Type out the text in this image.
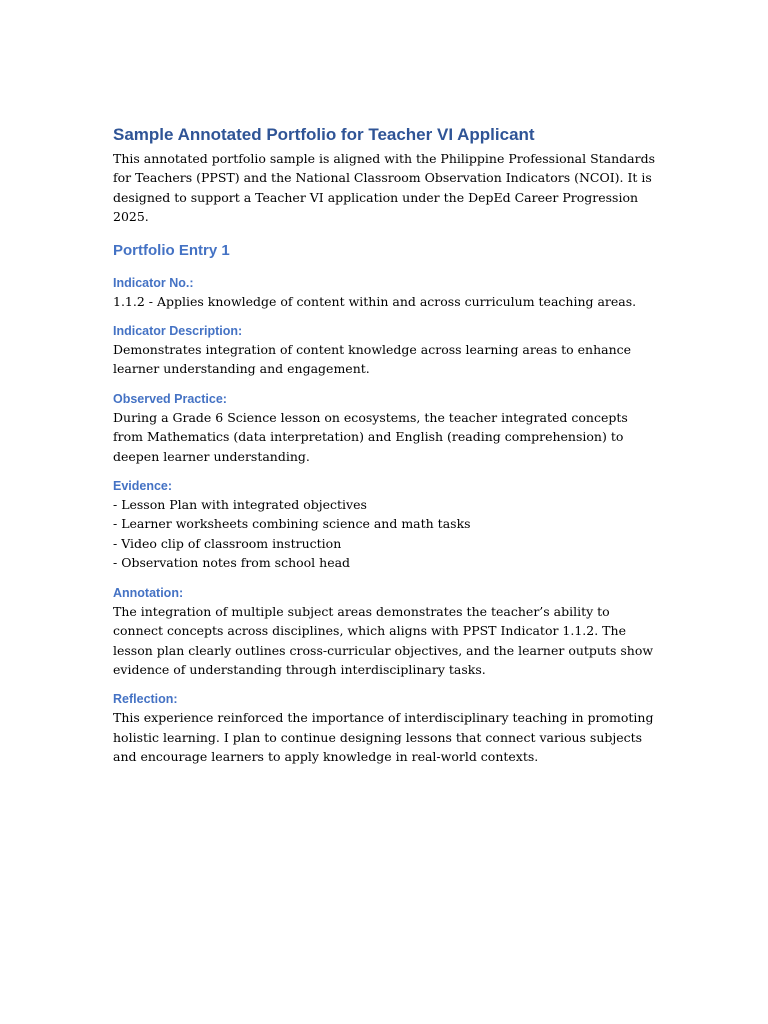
Sample Annotated Portfolio for Teacher VI Applicant

This annotated portfolio sample is aligned with the Philippine Professional Standards for Teachers (PPST) and the National Classroom Observation Indicators (NCOI). It is designed to support a Teacher VI application under the DepEd Career Progression 2025.

Portfolio Entry 1
Indicator No.:

1.1.2 - Applies knowledge of content within and across curriculum teaching areas.

Indicator Description:

Demonstrates integration of content knowledge across learning areas to enhance learner understanding and engagement.

Observed Practice:

During a Grade 6 Science lesson on ecosystems, the teacher integrated concepts from Mathematics (data interpretation) and English (reading comprehension) to deepen learner understanding.

Evidence:
- Lesson Plan with integrated objectives
- Learner worksheets combining science and math tasks
- Video clip of classroom instruction
- Observation notes from school head
Annotation:

The integration of multiple subject areas demonstrates the teacher’s ability to connect concepts across disciplines, which aligns with PPST Indicator 1.1.2. The lesson plan clearly outlines cross-curricular objectives, and the learner outputs show evidence of understanding through interdisciplinary tasks.

Reflection:

This experience reinforced the importance of interdisciplinary teaching in promoting holistic learning. I plan to continue designing lessons that connect various subjects and encourage learners to apply knowledge in real-world contexts.
